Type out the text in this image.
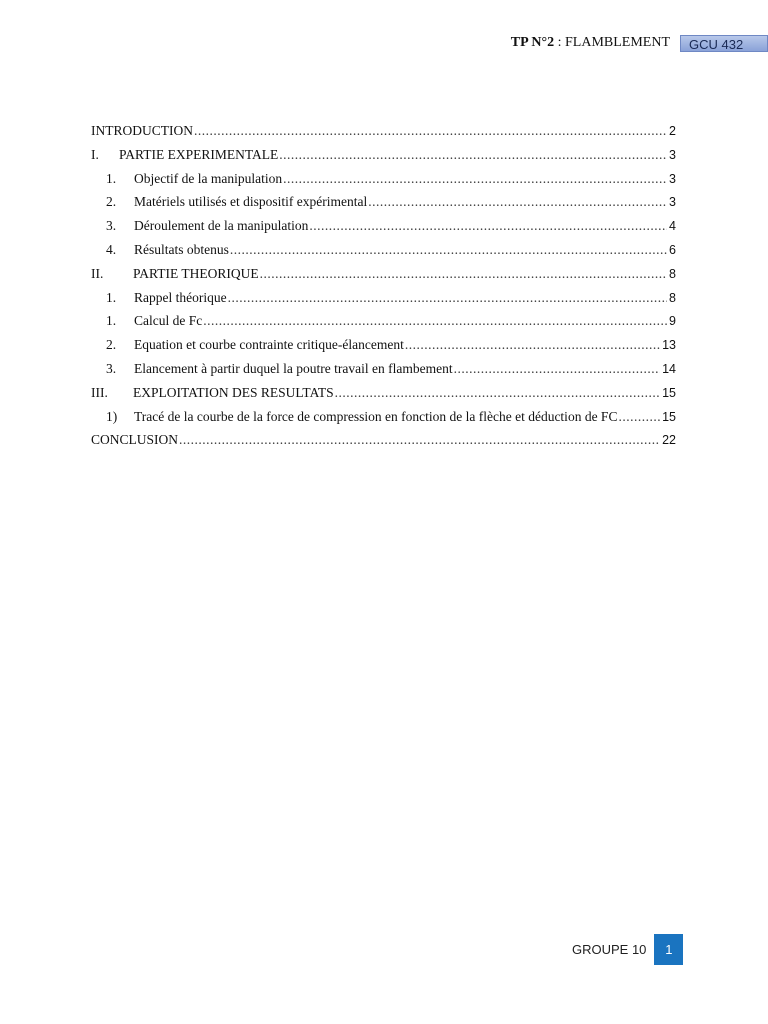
TP N°2 : FLAMBLEMENT	GCU 432
INTRODUCTION .....	2
I.	PARTIE EXPERIMENTALE .....	3
1.	Objectif de la manipulation .....	3
2.	Matériels utilisés et dispositif expérimental .....	3
3.	Déroulement de la manipulation .....	4
4.	Résultats obtenus .....	6
II.	PARTIE THEORIQUE .....	8
1.	Rappel théorique .....	8
1.	Calcul de Fc .....	9
2.	Equation et courbe contrainte critique-élancement .....	13
3.	Elancement à partir duquel la poutre travail en flambement .....	14
III.	EXPLOITATION DES RESULTATS .....	15
1)	Tracé de la courbe de la force de compression en fonction de la flèche et déduction de FC .....	15
CONCLUSION .....	22
GROUPE 10	1
